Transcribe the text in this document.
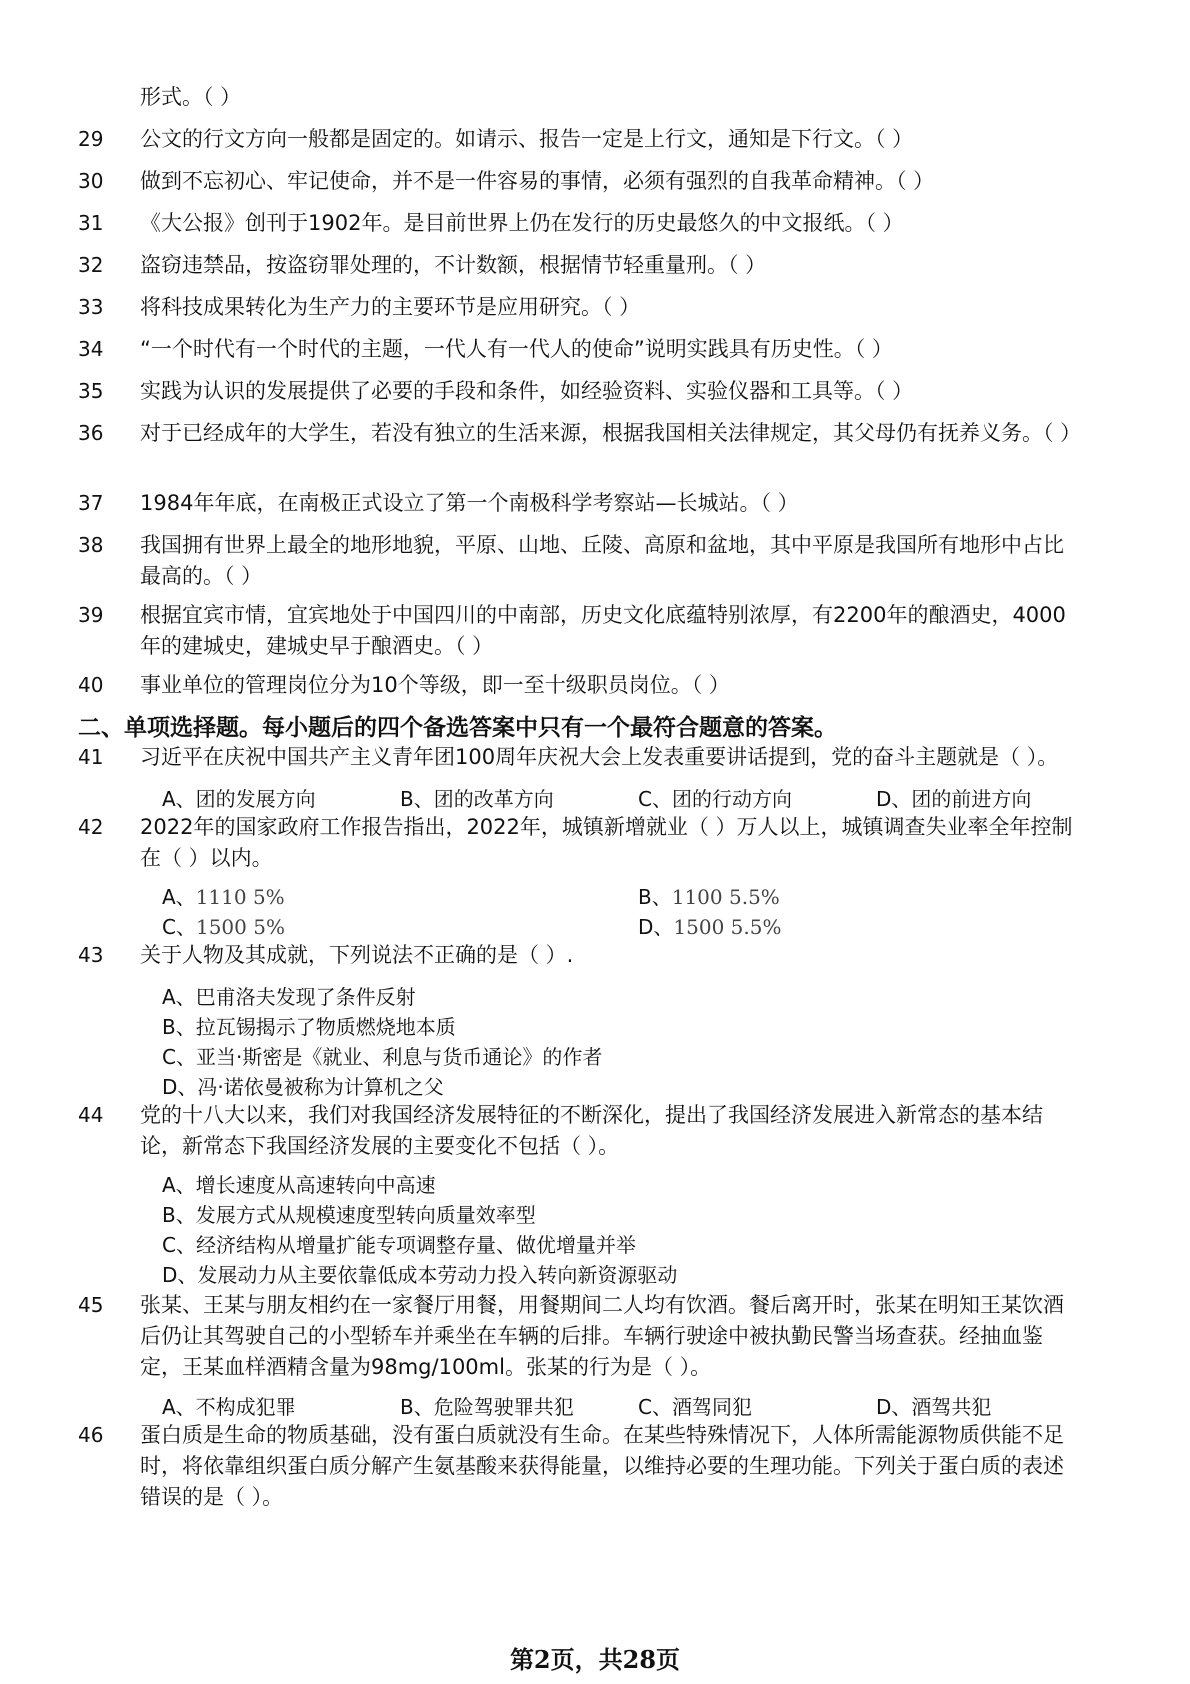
形式。（ ）
29 公文的行文方向一般都是固定的。如请示、报告一定是上行文，通知是下行文。（ ）
30 做到不忘初心、牢记使命，并不是一件容易的事情，必须有强烈的自我革命精神。（ ）
31 《大公报》创刊于1902年。是目前世界上仍在发行的历史最悠久的中文报纸。（ ）
32 盗窃违禁品，按盗窃罪处理的，不计数额，根据情节轻重量刑。（ ）
33 将科技成果转化为生产力的主要环节是应用研究。（ ）
34 “一个时代有一个时代的主题，一代人有一代人的使命”说明实践具有历史性。（ ）
35 实践为认识的发展提供了必要的手段和条件，如经验资料、实验仪器和工具等。（ ）
36 对于已经成年的大学生，若没有独立的生活来源，根据我国相关法律规定，其父母仍有抚养义务。（ ）
37 1984年年底，在南极正式设立了第一个南极科学考察站—长城站。（ ）
38 我国拥有世界上最全的地形地貌，平原、山地、丘陵、高原和盆地，其中平原是我国所有地形中占比最高的。（ ）
39 根据宜宾市情，宜宾地处于中国四川的中南部，历史文化底蕴特别浓厚，有2200年的酿酒史，4000年的建城史，建城史早于酿酒史。（ ）
40 事业单位的管理岗位分为10个等级，即一至十级职员岗位。（ ）
二、单项选择题。每小题后的四个备选答案中只有一个最符合题意的答案。
41 习近平在庆祝中国共产主义青年团100周年庆祝大会上发表重要讲话提到，党的奋斗主题就是（ ）。
A、团的发展方向	B、团的改革方向	C、团的行动方向	D、团的前进方向
42 2022年的国家政府工作报告指出，2022年，城镇新增就业（ ）万人以上，城镇调查失业率全年控制在（ ）以内。
A、1110 5%	B、1100 5.5%
C、1500 5%	D、1500 5.5%
43 关于人物及其成就，下列说法不正确的是（ ）.
A、巴甫洛夫发现了条件反射
B、拉瓦锡揭示了物质燃烧地本质
C、亚当·斯密是《就业、利息与货币通论》的作者
D、冯·诺依曼被称为计算机之父
44 党的十八大以来，我们对我国经济发展特征的不断深化，提出了我国经济发展进入新常态的基本结论，新常态下我国经济发展的主要变化不包括（ ）。
A、增长速度从高速转向中高速
B、发展方式从规模速度型转向质量效率型
C、经济结构从增量扩能专项调整存量、做优增量并举
D、发展动力从主要依靠低成本劳动力投入转向新资源驱动
45 张某、王某与朋友相约在一家餐厅用餐，用餐期间二人均有饮酒。餐后离开时，张某在明知王某饮酒后仍让其驾驶自己的小型轿车并乘坐在车辆的后排。车辆行驶途中被执勤民警当场查获。经抽血鉴定，王某血样酒精含量为98mg/100ml。张某的行为是（ ）。
A、不构成犯罪	B、危险驾驶罪共犯	C、酒驾同犯	D、酒驾共犯
46 蛋白质是生命的物质基础，没有蛋白质就没有生命。在某些特殊情况下，人体所需能源物质供能不足时，将依靠组织蛋白质分解产生氨基酸来获得能量，以维持必要的生理功能。下列关于蛋白质的表述错误的是（ ）。
第2页，共28页
